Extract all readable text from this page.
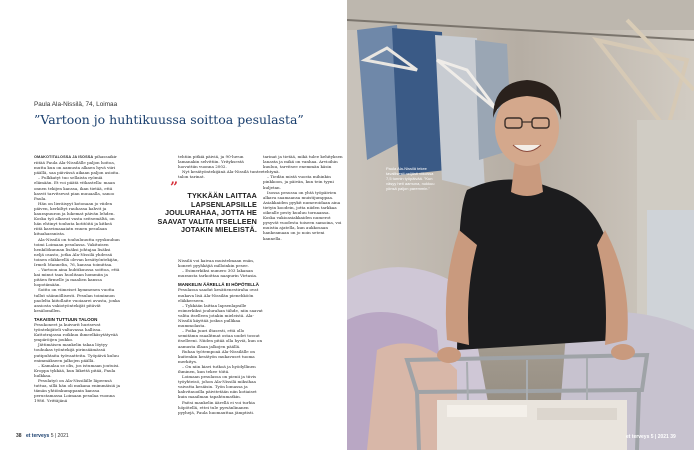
Paula Ala-Nissilä, 74, Loimaa
”Vartoon jo huhtikuussa soittoa pesulasta”

OMAKOTITALOSSA JA ISOSSA pihassaikir riitää Paula Ala-Nissilälle paljon hoitoa, mutta kun on aamusta alkaen hyvä viiri päällä, saa päivässä aikaan paljon asioita.

– Pulkkatyt tuo sellaista ryömiä elämään. Et voi päätä vitkastella: maan onnen tekijen kanssa, ikan tietää, että kasvit tarvitsevat pian muuaalla, sanoo Paula.

Hän on lieräisyyt kotonaan jo viiden päiven, kerkiltyt rauhassa kahvit ja kaurapuuron ja lukemat päivän lehden. Koska työ alkavat vasta seitsemältä, on hän ehtinyt touhuta kotitöitä ja kitkeä riitä kasvimaaaiatn ennen pesulaan kituaharanista.

Ala-Nissilä on touhuluuutta syyskuuhun toimi Loimaan pesulassa. Vakituisen henkilökunnan lisäksi johtajaa lisäksi neljä osasto, jotka Ala-Nissilä yhdessä toinen eläkkeellä olevan kesätyöntekijän, Irmeli Mannelin, 76, kanssa toimittaa.

– Vartoon aina huhtikuussa soittoa, että kai minut taas huolitaan hommiin ja pitäen firmelle ja maalien kanssa hopotämään.

Soitto on viimeiset kymmenen vuotta tullut säännöllisesti. Pesulan toiminnon paolelta kiitollaite vuoiaarei avusta, jonka ansiosta vakiotyöntekijät pitävät kesälomillen.

TAKAISIN TUTTUUN TALOON

Pesukoneet ja kuivurit hurisevat työntekijäteli valtavassa hallissa. Kattotrajassa roikkuu ihmeelkäsytätyvää ympäröijen joukko.

Jättimäisen mankelin takaa löytyy touhukas työntekijä pirinsäämässä putipuhtaita työvaatteita. Työpäivä kuluu enimmäkseen jalkojen päällä.

– Kamalaa se olis, jos istumaan joutuisi. Kroppa tykkää, kun liikettä pitää, Paula hulkkaa.

Pesulatyö on Ala-Nissilälle läpeensä tuttua, sillä hän oli mukana enimmäisiä ja tämän yhtiönkumppanin kanssa perustamassa Loimaan pesulaa vuonna 1986. Yrittäjänä

tehtiin pitkiä päiviä, ja 90-luvun lamanakin selvittiin. Yrityksestä luovuttiin vuonna 2002.

Nyt kesätyöntekijänä Ala-Nissilä tuntee talon tarinat.

”	TYKKÄÄN LAITTAA LAPSENLAPSILLE JOULURAHAA, JOTTA HE SAAVAT VALITA ITSELLEEN JOTAKIN MIELEISTÄ.

Nissilä voi kaivaa muistelmaan enän, koneet pyyhkäjiä milloinkin pesee.

– Esimerkiksi numero 303 lakanan murausta tarkoittaa naapurin Virtasia.

MANKELIN ÄÄRELLÄ EI HÖPÖTELLÄ

Pesulassa saadut kesätienestiraha ovat mukava lisä Ala-Nissilän pienehköön eläkkeeseen.

– Tykkään laittaa lapsenlapsille esimerkiksi joulurahan tähde, niin saavat valita itselleen jotakin mieleistä. Ala-Nissilä käyttää joskus pullikaa mummolasta.

– Poika juuri iltasesti, että ollo semitämn raaalitmat ostaa uudet tossut itselleeni. Niiden pitää olla hyviä, kun on aamusta illaan jalkojen päällä.

Ruhaa työtempoaä Ala-Nissilälle on kuitenkin kesätyön mukavuset tuoma merkitys.

– On niin kiavi tutkoä ja hyödyllinen ihminen, kun tekee töitä.

Loimaan pesulassa on pienii ja tiivis työyhteisö, johon Ala-Nissilä miksihaa vaivatta kesäisin. Työn lomassa ja kahvitauoilla päivitetään niin kotiaiset kuin maailman tapahtumatkin.

Paitsi mankelin äärellä ei voi turhia höpötellä, ettei tule pyrsänlinanen pyyhejä, Paula huomauttaa jämptisti.

tarinat ja tietää, mikä tulee kehityksen lanasta ja mikä on vanhaa. Arvioihin kuuluu, tarvitsee enemmän käsin tehtynä.

– Tiedän mistä vuosta mihinkin pinkkoon, ja päivän, kun tein tyyni kuljetan.

Isossa pesussa on yhtä työpäivien alkava saamaansa muistijumppaa. Asiakkaiden pyykit numeroidaan aina tietyin koodein, jotta niiden tarkkaa oikealle pesty kuuluu tornaansa. Koska vakioasiakkaiden numerot pysyvät vuodesta toiseen samoina, voi muistia ajatella, kun aukkosaan hankeamaan on jo noin seteni kannella.

38 et terveys 5 | 2021
Paula Ala-Nissilä tekee tavallisesti neljästi viikossa 7,5 tunnin työpäivää. ”Kun väsyy heti aamuna, nukkuu yönsä paljon paremmin.”
et terveys 5 | 2021 39
